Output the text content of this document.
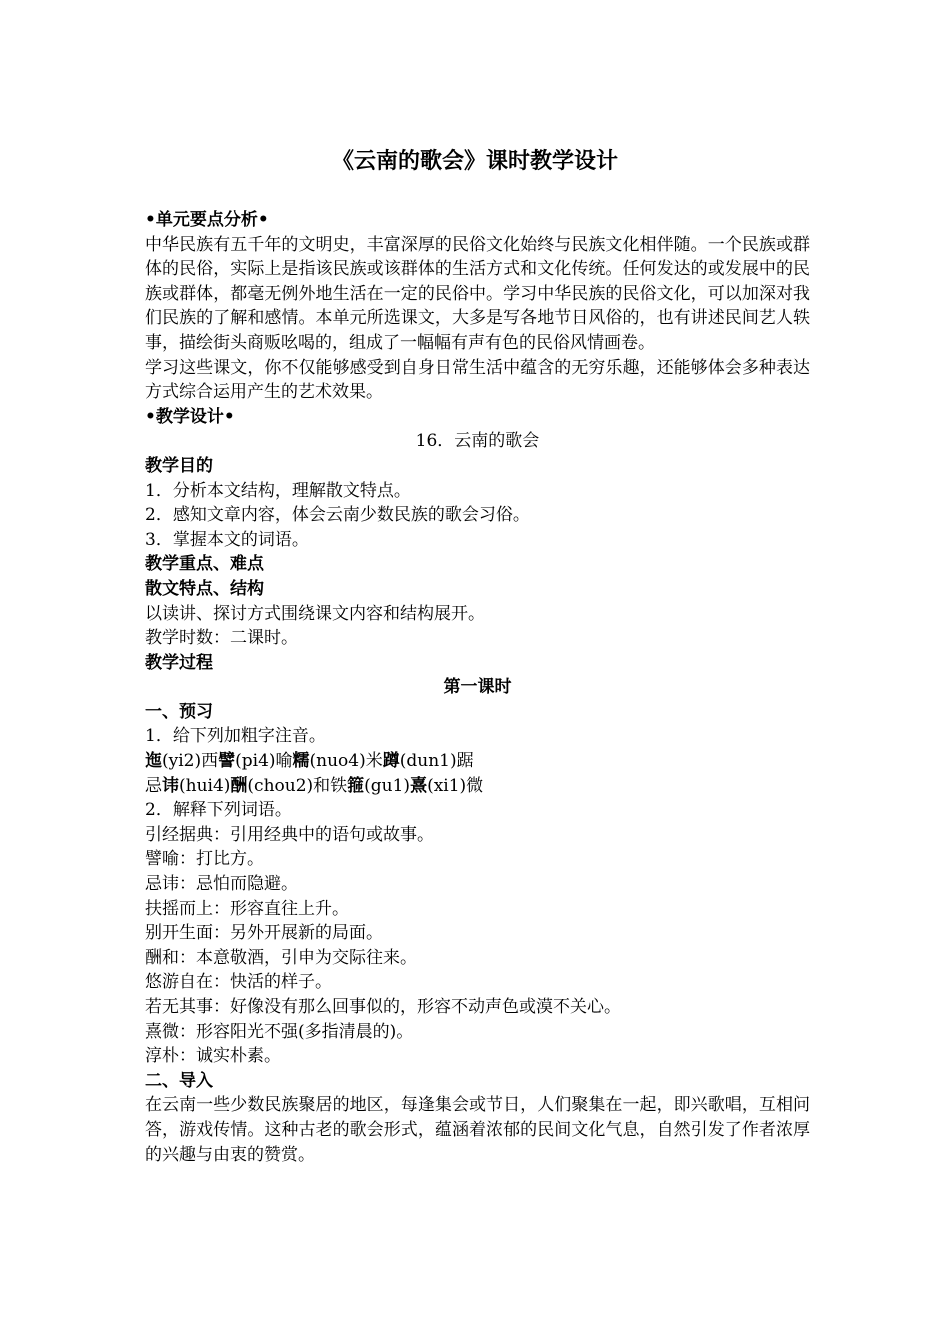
《云南的歌会》课时教学设计

•单元要点分析•

中华民族有五千年的文明史，丰富深厚的民俗文化始终与民族文化相伴随。一个民族或群体的民俗，实际上是指该民族或该群体的生活方式和文化传统。任何发达的或发展中的民族或群体，都毫无例外地生活在一定的民俗中。学习中华民族的民俗文化，可以加深对我们民族的了解和感情。本单元所选课文，大多是写各地节日风俗的，也有讲述民间艺人轶事，描绘街头商贩吆喝的，组成了一幅幅有声有色的民俗风情画卷。

学习这些课文，你不仅能够感受到自身日常生活中蕴含的无穷乐趣，还能够体会多种表达方式综合运用产生的艺术效果。

•教学设计•

16．云南的歌会

教学目的

1．分析本文结构，理解散文特点。

2．感知文章内容，体会云南少数民族的歌会习俗。

3．掌握本文的词语。

教学重点、难点

散文特点、结构

以读讲、探讨方式围绕课文内容和结构展开。

教学时数：二课时。

教学过程

第一课时

一、预习

1．给下列加粗字注音。

迤(yi2)西譬(pi4)喻糯(nuo4)米蹲(dun1)踞

忌讳(hui4)酬(chou2)和铁箍(gu1)熹(xi1)微

2．解释下列词语。

引经据典：引用经典中的语句或故事。

譬喻：打比方。

忌讳：忌怕而隐避。

扶摇而上：形容直往上升。

别开生面：另外开展新的局面。

酬和：本意敬酒，引申为交际往来。

悠游自在：快活的样子。

若无其事：好像没有那么回事似的，形容不动声色或漠不关心。

熹微：形容阳光不强(多指清晨的)。

淳朴：诚实朴素。

二、导入

在云南一些少数民族聚居的地区，每逢集会或节日，人们聚集在一起，即兴歌唱，互相问答，游戏传情。这种古老的歌会形式，蕴涵着浓郁的民间文化气息，自然引发了作者浓厚的兴趣与由衷的赞赏。
